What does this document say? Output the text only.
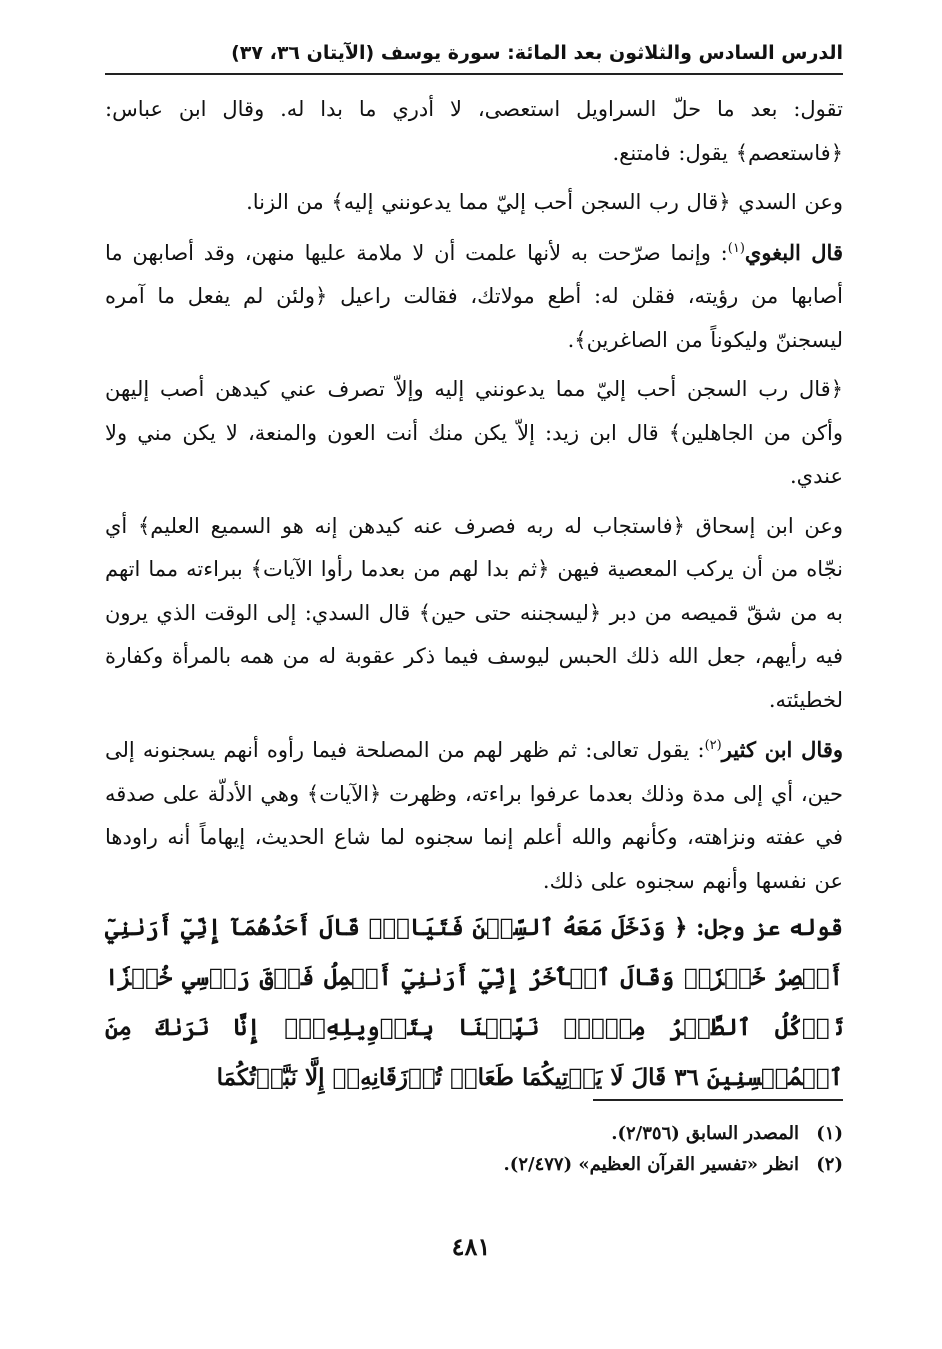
الدرس السادس والثلاثون بعد المائة: سورة يوسف (الآيتان ٣٦، ٣٧)

تقول: بعد ما حلّ السراويل استعصى، لا أدري ما بدا له. وقال ابن عباس: ﴿فاستعصم﴾ يقول: فامتنع.

وعن السدي ﴿قال رب السجن أحب إليّ مما يدعونني إليه﴾ من الزنا.

قال البغوي$^{(١)}$: وإنما صرّحت به لأنها علمت أن لا ملامة عليها منهن، وقد أصابهن ما أصابها من رؤيته، فقلن له: أطع مولاتك، فقالت راعيل ﴿ولئن لم يفعل ما آمره ليسجننّ وليكوناً من الصاغرين﴾.

﴿قال رب السجن أحب إليّ مما يدعونني إليه وإلاّ تصرف عني كيدهن أصب إليهن وأكن من الجاهلين﴾ قال ابن زيد: إلاّ يكن منك أنت العون والمنعة، لا يكن مني ولا عندي.

وعن ابن إسحاق ﴿فاستجاب له ربه فصرف عنه كيدهن إنه هو السميع العليم﴾ أي نجّاه من أن يركب المعصية فيهن ﴿ثم بدا لهم من بعدما رأوا الآيات﴾ ببراءته مما اتهم به من شقّ قميصه من دبر ﴿ليسجننه حتى حين﴾ قال السدي: إلى الوقت الذي يرون فيه رأيهم، جعل الله ذلك الحبس ليوسف فيما ذكر عقوبة له من همه بالمرأة وكفارة لخطيئته.

وقال ابن كثير$^{(٢)}$: يقول تعالى: ثم ظهر لهم من المصلحة فيما رأوه أنهم يسجنونه إلى حين، أي إلى مدة وذلك بعدما عرفوا براءته، وظهرت ﴿الآيات﴾ وهي الأدلّة على صدقه في عفته ونزاهته، وكأنهم والله أعلم إنما سجنوه لما شاع الحديث، إيهاماً أنه راودها عن نفسها وأنهم سجنوه على ذلك.

قوله عز وجل: ﴿ وَدَخَلَ مَعَهُ ٱلسِّجۡنَ فَتَيَانِۖ قَالَ أَحَدُهُمَآ إِنِّيٓ أَرَىٰنِيٓ أَعۡصِرُ خَمۡرٗاۖ وَقَالَ ٱلۡأٓخَرُ إِنِّيٓ أَرَىٰنِيٓ أَحۡمِلُ فَوۡقَ رَأۡسِي خُبۡزٗا تَأۡكُلُ ٱلطَّيۡرُ مِنۡهُۖ نَبِّئۡنَا بِتَأۡوِيلِهِۦٓۖ إِنَّا نَرَىٰكَ مِنَ ٱلۡمُحۡسِنِينَ ٣٦ قَالَ لَا يَأۡتِيكُمَا طَعَامٞ تُرۡزَقَانِهِۦٓ إِلَّا نَبَّأۡتُكُمَا

(١)
المصدر السابق (٢/٣٥٦).
(٢)
انظر «تفسير القرآن العظيم» (٢/٤٧٧).
٤٨١
